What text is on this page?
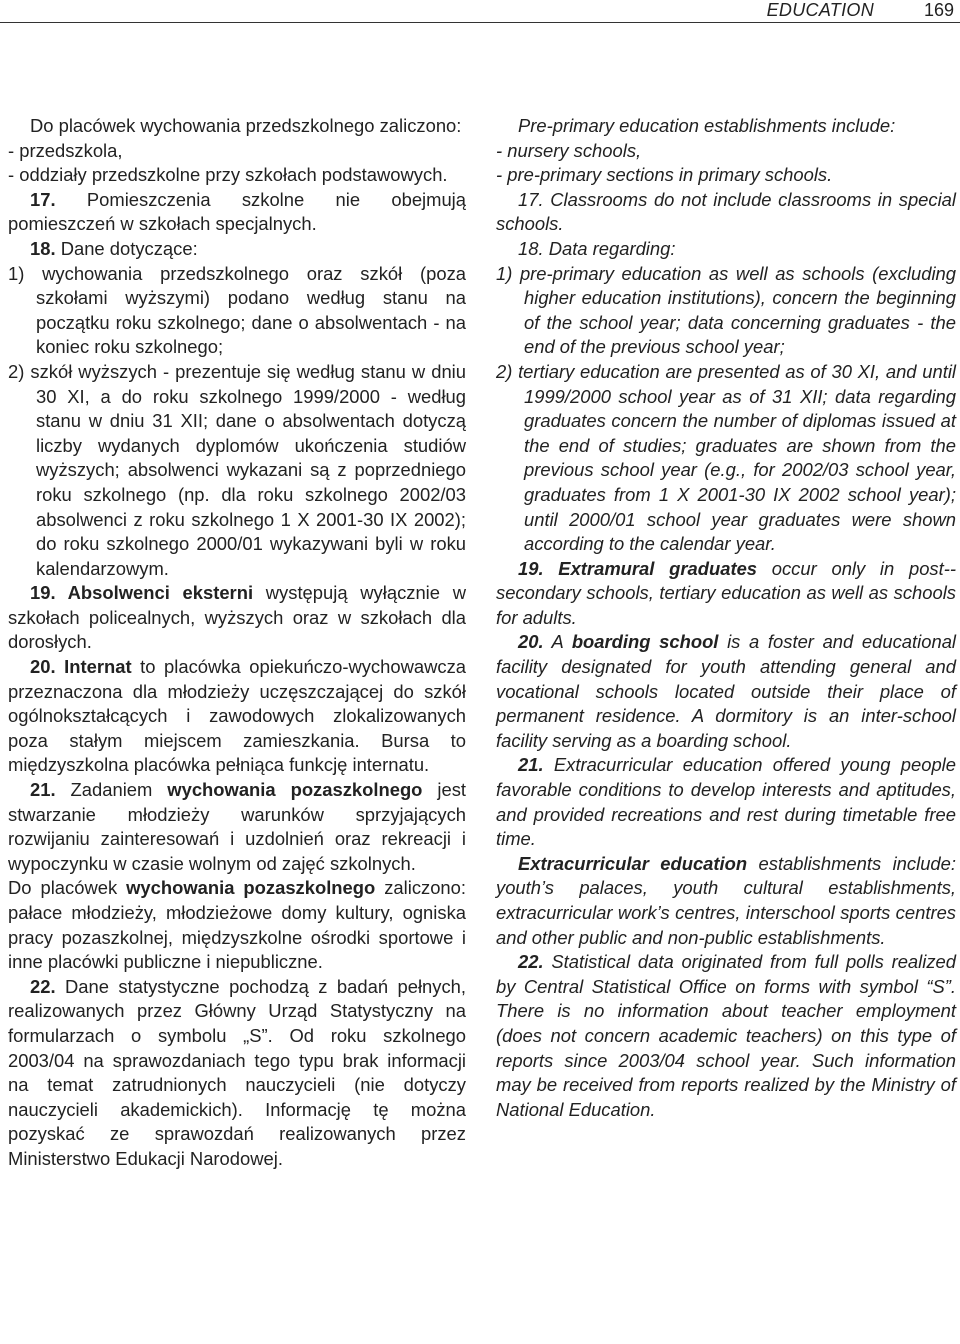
EDUCATION	169

Do placówek wychowania przedszkolnego zaliczono:

- przedszkola,

- oddziały przedszkolne przy szkołach podstawowych.

17. Pomieszczenia szkolne nie obejmują pomieszczeń w szkołach specjalnych.

18. Dane dotyczące:

1) wychowania przedszkolnego oraz szkół (poza szkołami wyższymi) podano według stanu na początku roku szkolnego; dane o absolwentach - na koniec roku szkolnego;

2) szkół wyższych - prezentuje się według stanu w dniu 30 XI, a do roku szkolnego 1999/2000 - według stanu w dniu 31 XII; dane o absolwentach dotyczą liczby wydanych dyplomów ukończenia studiów wyższych; absolwenci wykazani są z poprzedniego roku szkolnego (np. dla roku szkolnego 2002/03 absolwenci z roku szkolnego 1 X 2001-30 IX 2002); do roku szkolnego 2000/01 wykazywani byli w roku kalendarzowym.

19. Absolwenci eksterni występują wyłącznie w szkołach policealnych, wyższych oraz w szkołach dla dorosłych.

20. Internat to placówka opiekuńczo-wychowawcza przeznaczona dla młodzieży uczęszczającej do szkół ogólnokształcących i zawodowych zlokalizowanych poza stałym miejscem zamieszkania. Bursa to międzyszkolna placówka pełniąca funkcję internatu.

21. Zadaniem wychowania pozaszkolnego jest stwarzanie młodzieży warunków sprzyjających rozwijaniu zainteresowań i uzdolnień oraz rekreacji i wypoczynku w czasie wolnym od zajęć szkolnych.

Do placówek wychowania pozaszkolnego zaliczono: pałace młodzieży, młodzieżowe domy kultury, ogniska pracy pozaszkolnej, międzyszkolne ośrodki sportowe i inne placówki publiczne i niepubliczne.

22. Dane statystyczne pochodzą z badań pełnych, realizowanych przez Główny Urząd Statystyczny na formularzach o symbolu „S”. Od roku szkolnego 2003/04 na sprawozdaniach tego typu brak informacji na temat zatrudnionych nauczycieli (nie dotyczy nauczycieli akademickich). Informację tę można pozyskać ze sprawozdań realizowanych przez Ministerstwo Edukacji Narodowej.

Pre-primary education establishments include:

- nursery schools,

- pre-primary sections in primary schools.

17. Classrooms do not include classrooms in special schools.

18. Data regarding:

1) pre-primary education as well as schools (excluding higher education institutions), concern the beginning of the school year; data concerning graduates - the end of the previous school year;

2) tertiary education are presented as of 30 XI, and until 1999/2000 school year as of 31 XII; data regarding graduates concern the number of diplomas issued at the end of studies; graduates are shown from the previous school year (e.g., for 2002/03 school year, graduates from 1 X 2001-30 IX 2002 school year); until 2000/01 school year graduates were shown according to the calendar year.

19. Extramural graduates occur only in post--secondary schools, tertiary education as well as schools for adults.

20. A boarding school is a foster and educational facility designated for youth attending general and vocational schools located outside their place of permanent residence. A dormitory is an inter-school facility serving as a boarding school.

21. Extracurricular education offered young people favorable conditions to develop interests and aptitudes, and provided recreations and rest during timetable free time.

Extracurricular education establishments include: youth’s palaces, youth cultural establishments, extracurricular work’s centres, interschool sports centres and other public and non-public establishments.

22. Statistical data originated from full polls realized by Central Statistical Office on forms with symbol “S”. There is no information about teacher employment (does not concern academic teachers) on this type of reports since 2003/04 school year. Such information may be received from reports realized by the Ministry of National Education.
